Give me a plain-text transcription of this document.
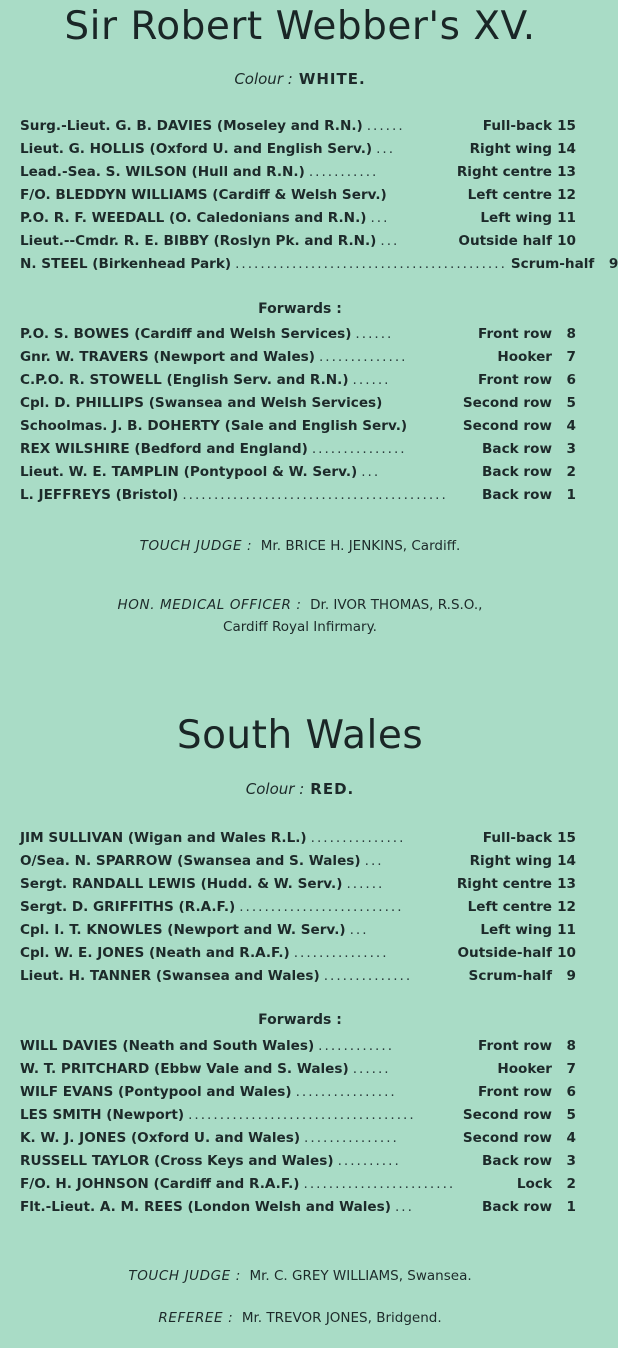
Sir Robert Webber's XV.

Colour : WHITE.

Surg.-Lieut. G. B. DAVIES (Moseley and R.N.) ......	Full-back 15
Lieut. G. HOLLIS (Oxford U. and English Serv.) ...	Right wing 14
Lead.-Sea. S. WILSON (Hull and R.N.) ...........	Right centre 13
F/O. BLEDDYN WILLIAMS (Cardiff & Welsh Serv.)	Left centre 12
P.O. R. F. WEEDALL (O. Caledonians and R.N.) ...	Left wing 11
Lieut.--Cmdr. R. E. BIBBY (Roslyn Pk. and R.N.) ...	Outside half 10
N. STEEL (Birkenhead Park) ........................................... Scrum-half	9

Forwards :

P.O. S. BOWES (Cardiff and Welsh Services) ......	Front row	8
Gnr. W. TRAVERS (Newport and Wales) ..............	Hooker	7
C.P.O. R. STOWELL (English Serv. and R.N.) ......	Front row	6
Cpl. D. PHILLIPS (Swansea and Welsh Services)	Second row	5
Schoolmas. J. B. DOHERTY (Sale and English Serv.)	Second row	4
REX WILSHIRE (Bedford and England) ...............	Back row	3
Lieut. W. E. TAMPLIN (Pontypool & W. Serv.) ...	Back row	2
L. JEFFREYS (Bristol) ..........................................	Back row	1

TOUCH JUDGE : Mr. BRICE H. JENKINS, Cardiff.

HON. MEDICAL OFFICER : Dr. IVOR THOMAS, R.S.O.,

Cardiff Royal Infirmary.

South Wales

Colour : RED.

JIM SULLIVAN (Wigan and Wales R.L.) ...............	Full-back 15
O/Sea. N. SPARROW (Swansea and S. Wales) ...	Right wing 14
Sergt. RANDALL LEWIS (Hudd. & W. Serv.) ......	Right centre 13
Sergt. D. GRIFFITHS (R.A.F.) ..........................	Left centre 12
Cpl. I. T. KNOWLES (Newport and W. Serv.) ...	Left wing 11
Cpl. W. E. JONES (Neath and R.A.F.) ...............	Outside-half 10
Lieut. H. TANNER (Swansea and Wales) ..............	Scrum-half	9

Forwards :

WILL DAVIES (Neath and South Wales) ............	Front row	8
W. T. PRITCHARD (Ebbw Vale and S. Wales) ......	Hooker	7
WILF EVANS (Pontypool and Wales) ................	Front row	6
LES SMITH (Newport) ....................................	Second row	5
K. W. J. JONES (Oxford U. and Wales) ...............	Second row	4
RUSSELL TAYLOR (Cross Keys and Wales) ..........	Back row	3
F/O. H. JOHNSON (Cardiff and R.A.F.) ........................	Lock	2
Flt.-Lieut. A. M. REES (London Welsh and Wales) ...	Back row	1

TOUCH JUDGE : Mr. C. GREY WILLIAMS, Swansea.

REFEREE : Mr. TREVOR JONES, Bridgend.
